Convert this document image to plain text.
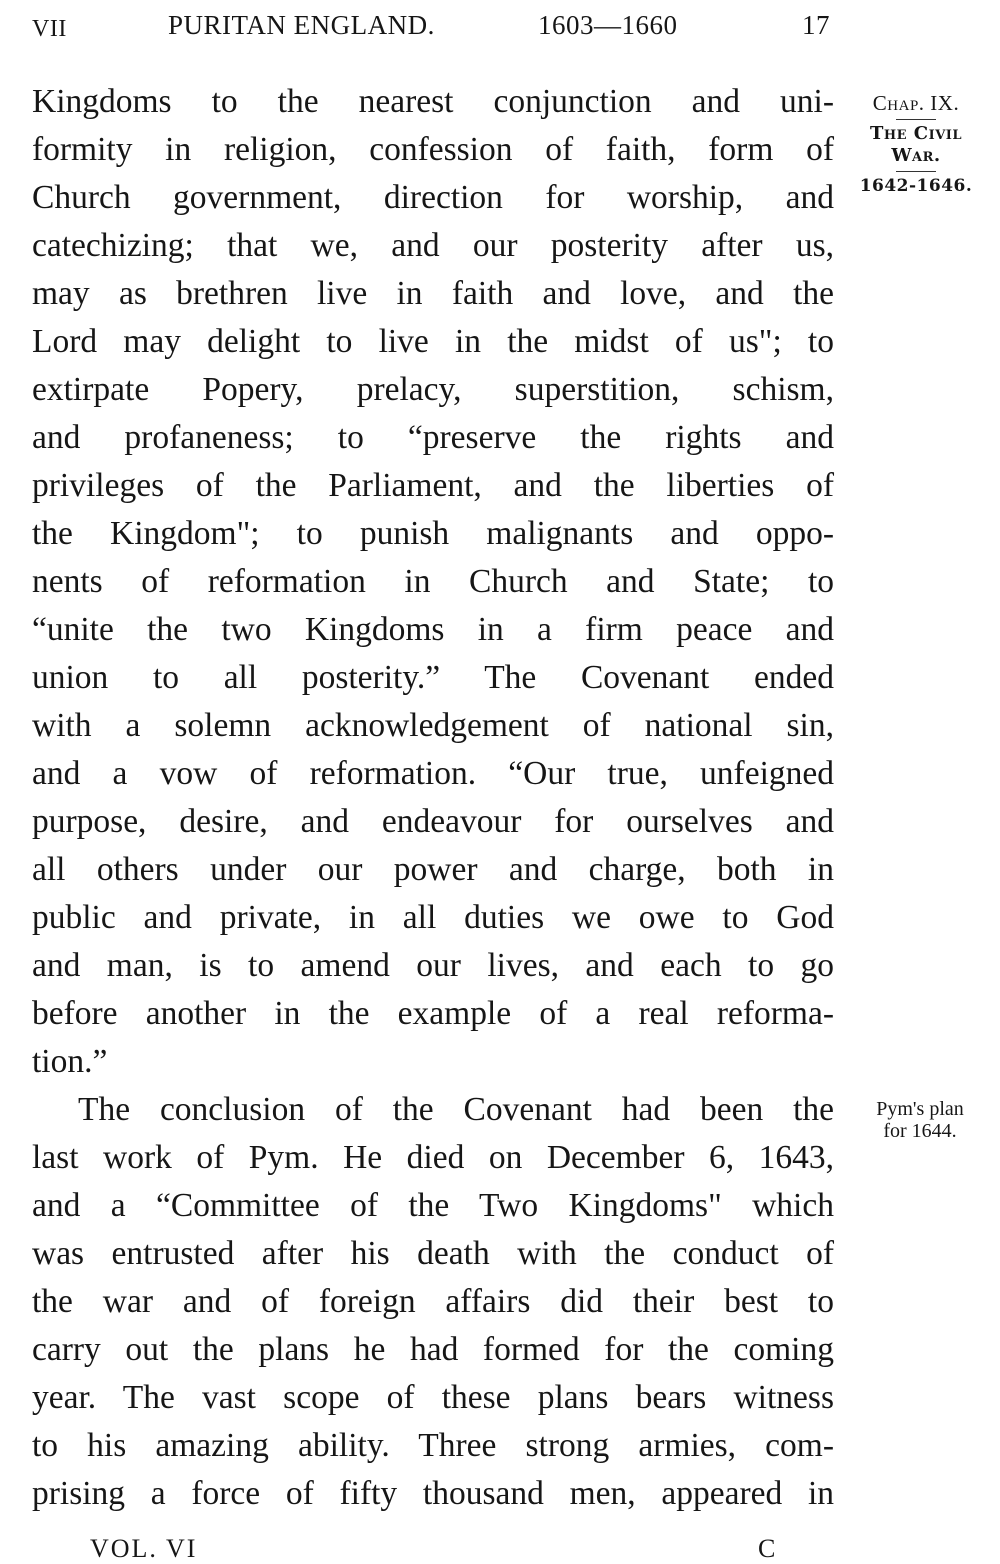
VII	PURITAN ENGLAND.	1603—1660	17
Kingdoms to the nearest conjunction and uni-
formity in religion, confession of faith, form of
Church government, direction for worship, and
catechizing; that we, and our posterity after us,
may as brethren live in faith and love, and the
Lord may delight to live in the midst of us"; to
extirpate Popery, prelacy, superstition, schism,
and profaneness; to “preserve the rights and
privileges of the Parliament, and the liberties of
the Kingdom"; to punish malignants and oppo-
nents of reformation in Church and State; to
“unite the two Kingdoms in a firm peace and
union to all posterity.” The Covenant ended
with a solemn acknowledgement of national sin,
and a vow of reformation. “Our true, unfeigned
purpose, desire, and endeavour for ourselves and
all others under our power and charge, both in
public and private, in all duties we owe to God
and man, is to amend our lives, and each to go
before another in the example of a real reforma-
tion.”
The conclusion of the Covenant had been the
last work of Pym. He died on December 6, 1643,
and a “Committee of the Two Kingdoms" which
was entrusted after his death with the conduct of
the war and of foreign affairs did their best to
carry out the plans he had formed for the coming
year. The vast scope of these plans bears witness
to his amazing ability. Three strong armies, com-
prising a force of fifty thousand men, appeared in
Chap. IX.
The Civil
War.
1642-1646.
Pym's plan
for 1644.
VOL. VI	C
